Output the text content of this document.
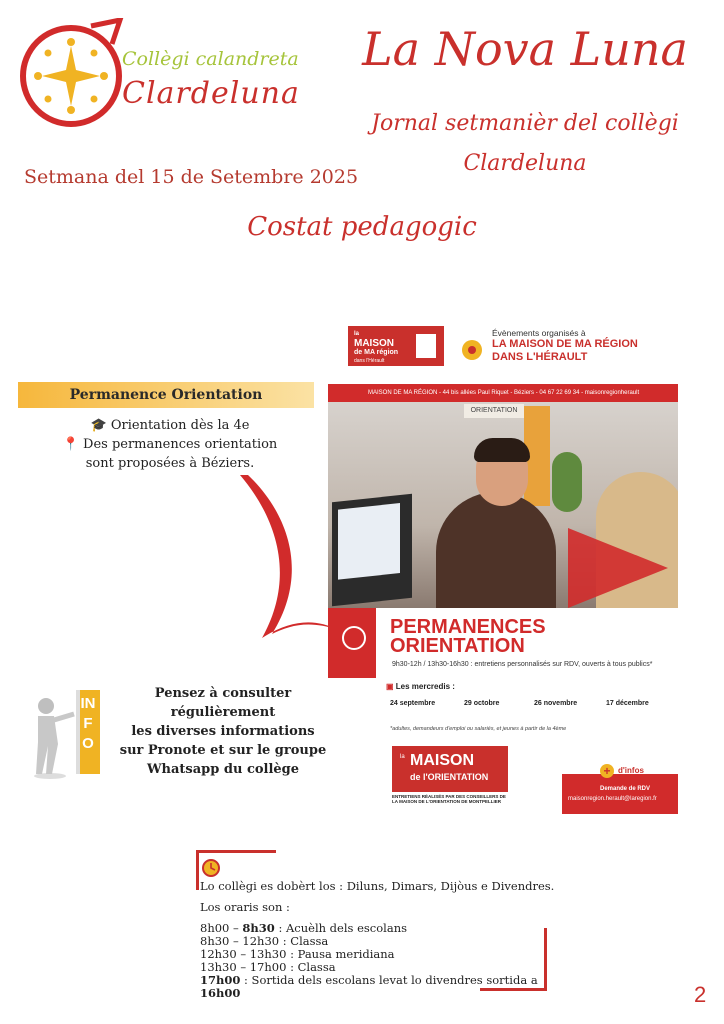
Collègi calandreta
Clardeluna
La Nova Luna
Jornal setmanièr del collègi
Clardeluna
Setmana del 15 de Setembre 2025
Costat pedagogic
Permanence Orientation
🎓 Orientation dès la 4e
📍 Des permanences orientation
sont proposées à Béziers.
la
MAISON
de MA région
dans l'Hérault
Évènements organisés à
LA MAISON DE MA RÉGION
DANS L'HÉRAULT
MAISON DE MA RÉGION - 44 bis allées Paul Riquet - Béziers - 04 67 22 69 34 - maisonregionherault
ORIENTATION
PERMANENCES
ORIENTATION
9h30-12h / 13h30-16h30 : entretiens personnalisés sur RDV, ouverts à tous publics*
▣ Les mercredis :
24 septembre	29 octobre	26 novembre	17 décembre
*adultes, demandeurs d'emploi ou salariés, et jeunes à partir de la 4ème
la MAISON
de l'ORIENTATION
ENTRETIENS RÉALISÉS PAR DES CONSEILLERS DE LA MAISON DE L'ORIENTATION DE MONTPELLIER
+ d'infos
Demande de RDV
maisonregion.herault@laregion.fr
INFO
Pensez à consulter
régulièrement
les diverses informations
sur Pronote et sur le groupe
Whatsapp du collège

Lo collègi es dobèrt los : Diluns, Dimars, Dijòus e Divendres.

Los oraris son :

8h00 – 8h30 : Acuèlh dels escolans

8h30 – 12h30 : Classa

12h30 – 13h30 : Pausa meridiana

13h30 – 17h00 : Classa

17h00 : Sortida dels escolans levat lo divendres sortida a 16h00	2
